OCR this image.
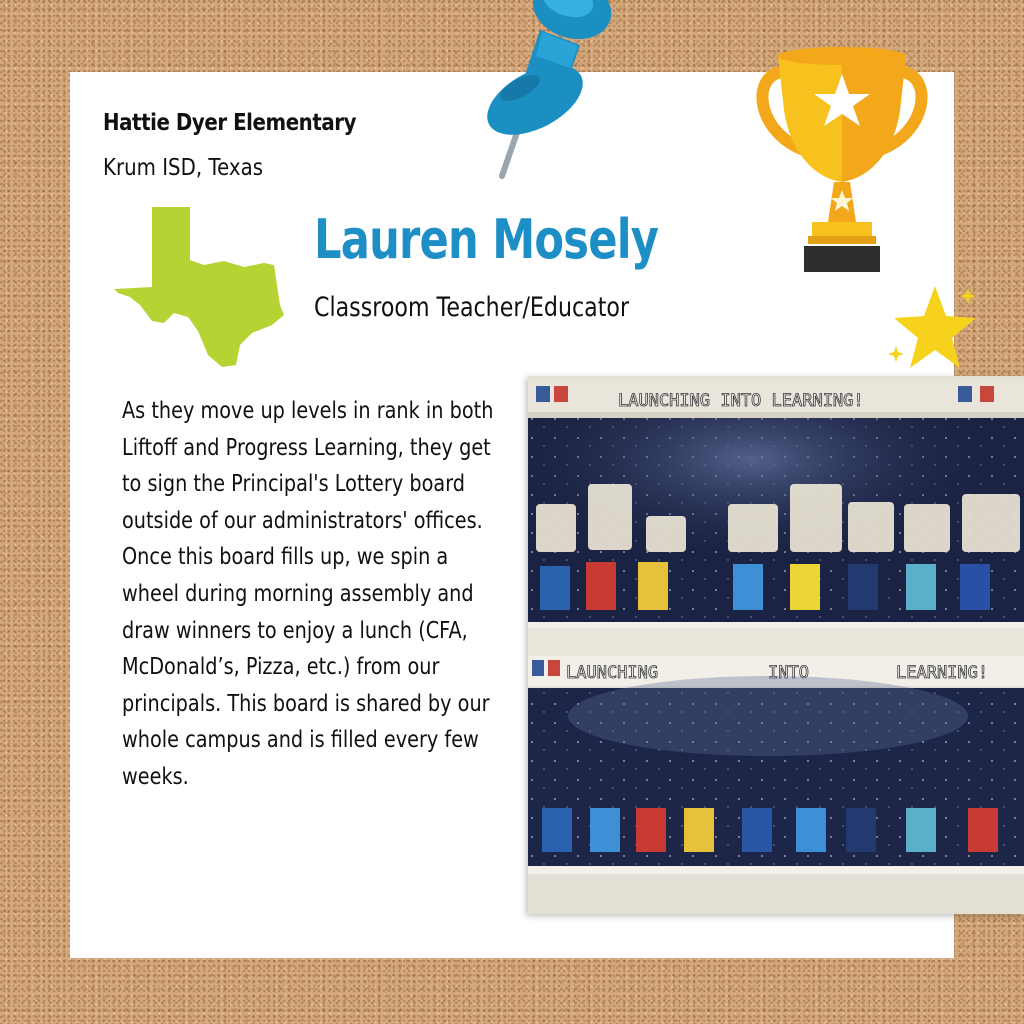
Hattie Dyer Elementary
Krum ISD, Texas
Lauren Mosely
Classroom Teacher/Educator

As they move up levels in rank in both Liftoff and Progress Learning, they get to sign the Principal's Lottery board outside of our administrators' offices. Once this board fills up, we spin a wheel during morning assembly and draw winners to enjoy a lunch (CFA, McDonald’s, Pizza, etc.) from our principals. This board is shared by our whole campus and is filled every few weeks.

LAUNCHING INTO LEARNING!
LAUNCHING	INTO	LEARNING!
